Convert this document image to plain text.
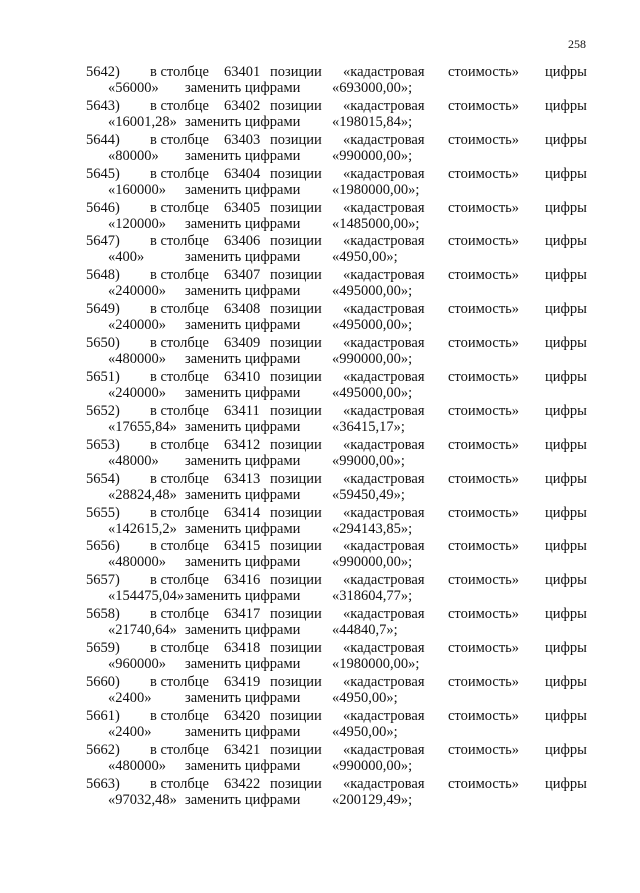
258
5642) в столбце 63401 позиции «кадастровая стоимость» цифры
«56000» заменить цифрами «693000,00»;
5643) в столбце 63402 позиции «кадастровая стоимость» цифры
«16001,28» заменить цифрами «198015,84»;
5644) в столбце 63403 позиции «кадастровая стоимость» цифры
«80000» заменить цифрами «990000,00»;
5645) в столбце 63404 позиции «кадастровая стоимость» цифры
«160000» заменить цифрами «1980000,00»;
5646) в столбце 63405 позиции «кадастровая стоимость» цифры
«120000» заменить цифрами «1485000,00»;
5647) в столбце 63406 позиции «кадастровая стоимость» цифры
«400»	заменить цифрами «4950,00»;
5648) в столбце 63407 позиции «кадастровая стоимость» цифры
«240000» заменить цифрами «495000,00»;
5649) в столбце 63408 позиции «кадастровая стоимость» цифры
«240000» заменить цифрами «495000,00»;
5650) в столбце 63409 позиции «кадастровая стоимость» цифры
«480000» заменить цифрами «990000,00»;
5651) в столбце 63410 позиции «кадастровая стоимость» цифры
«240000» заменить цифрами «495000,00»;
5652) в столбце 63411 позиции «кадастровая стоимость» цифры
«17655,84» заменить цифрами «36415,17»;
5653) в столбце 63412 позиции «кадастровая стоимость» цифры
«48000» заменить цифрами «99000,00»;
5654) в столбце 63413 позиции «кадастровая стоимость» цифры
«28824,48» заменить цифрами «59450,49»;
5655) в столбце 63414 позиции «кадастровая стоимость» цифры
«142615,2» заменить цифрами «294143,85»;
5656) в столбце 63415 позиции «кадастровая стоимость» цифры
«480000» заменить цифрами «990000,00»;
5657) в столбце 63416 позиции «кадастровая стоимость» цифры
«154475,04» заменить цифрами «318604,77»;
5658) в столбце 63417 позиции «кадастровая стоимость» цифры
«21740,64» заменить цифрами «44840,7»;
5659) в столбце 63418 позиции «кадастровая стоимость» цифры
«960000» заменить цифрами «1980000,00»;
5660) в столбце 63419 позиции «кадастровая стоимость» цифры
«2400» заменить цифрами «4950,00»;
5661) в столбце 63420 позиции «кадастровая стоимость» цифры
«2400» заменить цифрами «4950,00»;
5662) в столбце 63421 позиции «кадастровая стоимость» цифры
«480000» заменить цифрами «990000,00»;
5663) в столбце 63422 позиции «кадастровая стоимость» цифры
«97032,48» заменить цифрами «200129,49»;
